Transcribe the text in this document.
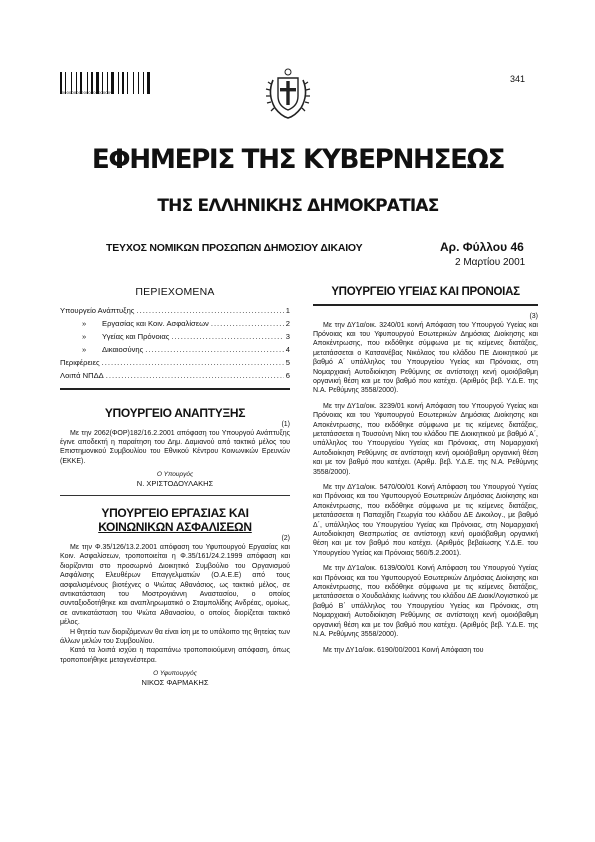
*00000000000000000000*
341
ΕΦΗΜΕΡΙΣ ΤΗΣ ΚΥΒΕΡΝΗΣΕΩΣ
ΤΗΣ ΕΛΛΗΝΙΚΗΣ ΔΗΜΟΚΡΑΤΙΑΣ
ΤΕΥΧΟΣ ΝΟΜΙΚΩΝ ΠΡΟΣΩΠΩΝ ΔΗΜΟΣΙΟΥ ΔΙΚΑΙΟΥ	Αρ. Φύλλου 46
2 Μαρτίου 2001
ΠΕΡΙΕΧΟΜΕΝΑ
Υπουργείο Ανάπτυξης .....	1
»	Εργασίας και Κοιν. Ασφαλίσεων .....	2
»	Υγείας και Πρόνοιας .....	3
»	Δικαιοσύνης .....	4
Περιφέρειες .....	5
Λοιπά ΝΠΔΔ .....	6
ΥΠΟΥΡΓΕΙΟ ΑΝΑΠΤΥΞΗΣ
(1)

Με την 2062(ΦΟΡ)182/16.2.2001 απόφαση του Υπουργού Ανάπτυξης έγινε αποδεκτή η παραίτηση του Δημ. Δαμιανού από τακτικό μέλος του Επιστημονικού Συμβουλίου του Εθνικού Κέντρου Κοινωνικών Ερευνών (ΕΚΚΕ).

Ο Υπουργός
Ν. ΧΡΙΣΤΟΔΟΥΛΑΚΗΣ
ΥΠΟΥΡΓΕΙΟ ΕΡΓΑΣΙΑΣ ΚΑΙ
ΚΟΙΝΩΝΙΚΩΝ ΑΣΦΑΛΙΣΕΩΝ
(2)

Με την Φ.35/126/13.2.2001 απόφαση του Υφυπουργού Εργασίας και Κοιν. Ασφαλίσεων, τροποποιείται η Φ.35/161/24.2.1999 απόφαση και διορίζονται στο προσωρινό Διοικητικό Συμβούλιο του Οργανισμού Ασφάλισης Ελευθέρων Επαγγελματιών (Ο.Α.Ε.Ε) από τους ασφαλισμένους βιοτέχνες ο Ψιώτας Αθανάσιος, ως τακτικό μέλος, σε αντικατάσταση του Μοστρογιάννη Αναστασίου, ο οποίος συνταξιοδοτήθηκε και αναπληρωματικό ο Σταμπολίδης Ανδρέας, ομοίως, σε αντικατάσταση του Ψιώτα Αθανασίου, ο οποίος διορίζεται τακτικό μέλος.

Η θητεία των διοριζόμενων θα είναι ίση με το υπόλοιπο της θητείας των άλλων μελών του Συμβουλίου.

Κατά τα λοιπά ισχύει η παραπάνω τροποποιούμενη απόφαση, όπως τροποποιήθηκε μεταγενέστερα.

Ο Υφυπουργός
ΝΙΚΟΣ ΦΑΡΜΑΚΗΣ
ΥΠΟΥΡΓΕΙΟ ΥΓΕΙΑΣ ΚΑΙ ΠΡΟΝΟΙΑΣ
(3)

Με την ΔΥ1α/οικ. 3240/01 κοινή Απόφαση του Υπουργού Υγείας και Πρόνοιας και του Υφυπουργού Εσωτερικών Δημόσιας Διοίκησης και Αποκέντρωσης, που εκδόθηκε σύμφωνα με τις κείμενες διατάξεις, μετατάσσεται ο Κατσανέβας Νικόλαος του κλάδου ΠΕ Διοικητικού με βαθμό Α΄ υπάλληλος του Υπουργείου Υγείας και Πρόνοιας, στη Νομαρχιακή Αυτοδιοίκηση Ρεθύμνης σε αντίστοιχη κενή ομοιόβαθμη οργανική θέση και με τον βαθμό που κατέχει. (Αριθμός βεβ. Υ.Δ.Ε. της Ν.Α. Ρεθύμνης 3558/2000).

Με την ΔΥ1α/οικ. 3239/01 κοινή Απόφαση του Υπουργού Υγείας και Πρόνοιας και του Υφυπουργού Εσωτερικών Δημόσιας Διοίκησης και Αποκέντρωσης, που εκδόθηκε σύμφωνα με τις κείμενες διατάξεις, μετατάσσεται η Τουσούνη Νίκη του κλάδου ΠΕ Διοικητικού με βαθμό Α΄, υπάλληλος του Υπουργείου Υγείας και Πρόνοιας, στη Νομαρχιακή Αυτοδιοίκηση Ρεθύμνης σε αντίστοιχη κενή ομοιόβαθμη οργανική θέση και με τον βαθμό που κατέχει. (Αριθμ. βεβ. Υ.Δ.Ε. της Ν.Α. Ρεθύμνης 3558/2000).

Με την ΔΥ1α/οικ. 5470/00/01 Κοινή Απόφαση του Υπουργού Υγείας και Πρόνοιας και του Υφυπουργού Εσωτερικών Δημόσιας Διοίκησης και Αποκέντρωσης, που εκδόθηκε σύμφωνα με τις κείμενες διατάξεις, μετατάσσεται η Παπαχίδη Γεωργία του κλάδου ΔΕ Δικοιλογ., με βαθμό Δ΄, υπάλληλος του Υπουργείου Υγείας και Πρόνοιας, στη Νομαρχιακή Αυτοδιοίκηση Θεσπρωτίας σε αντίστοιχη κενή ομοιόβαθμη οργανική θέση και με τον βαθμό που κατέχει. (Αριθμός βεβαίωσης Υ.Δ.Ε. του Υπουργείου Υγείας και Πρόνοιας 560/5.2.2001).

Με την ΔΥ1α/οικ. 6139/00/01 Κοινή Απόφαση του Υπουργού Υγείας και Πρόνοιας και του Υφυπουργού Εσωτερικών Δημόσιας Διοίκησης και Αποκέντρωσης, που εκδόθηκε σύμφωνα με τις κείμενες διατάξεις, μετατάσσεται ο Χουδαλάκης Ιωάννης του κλάδου ΔΕ Διοικ/Λογιστικού με βαθμό Β΄ υπάλληλος του Υπουργείου Υγείας και Πρόνοιας, στη Νομαρχιακή Αυτοδιοίκηση Ρεθύμνης σε αντίστοιχη κενή ομοιόβαθμη οργανική θέση και με τον βαθμό που κατέχει. (Αριθμός βεβ. Υ.Δ.Ε. της Ν.Α. Ρεθύμνης 3558/2000).

Με την ΔΥ1α/οικ. 6190/00/2001 Κοινή Απόφαση του
